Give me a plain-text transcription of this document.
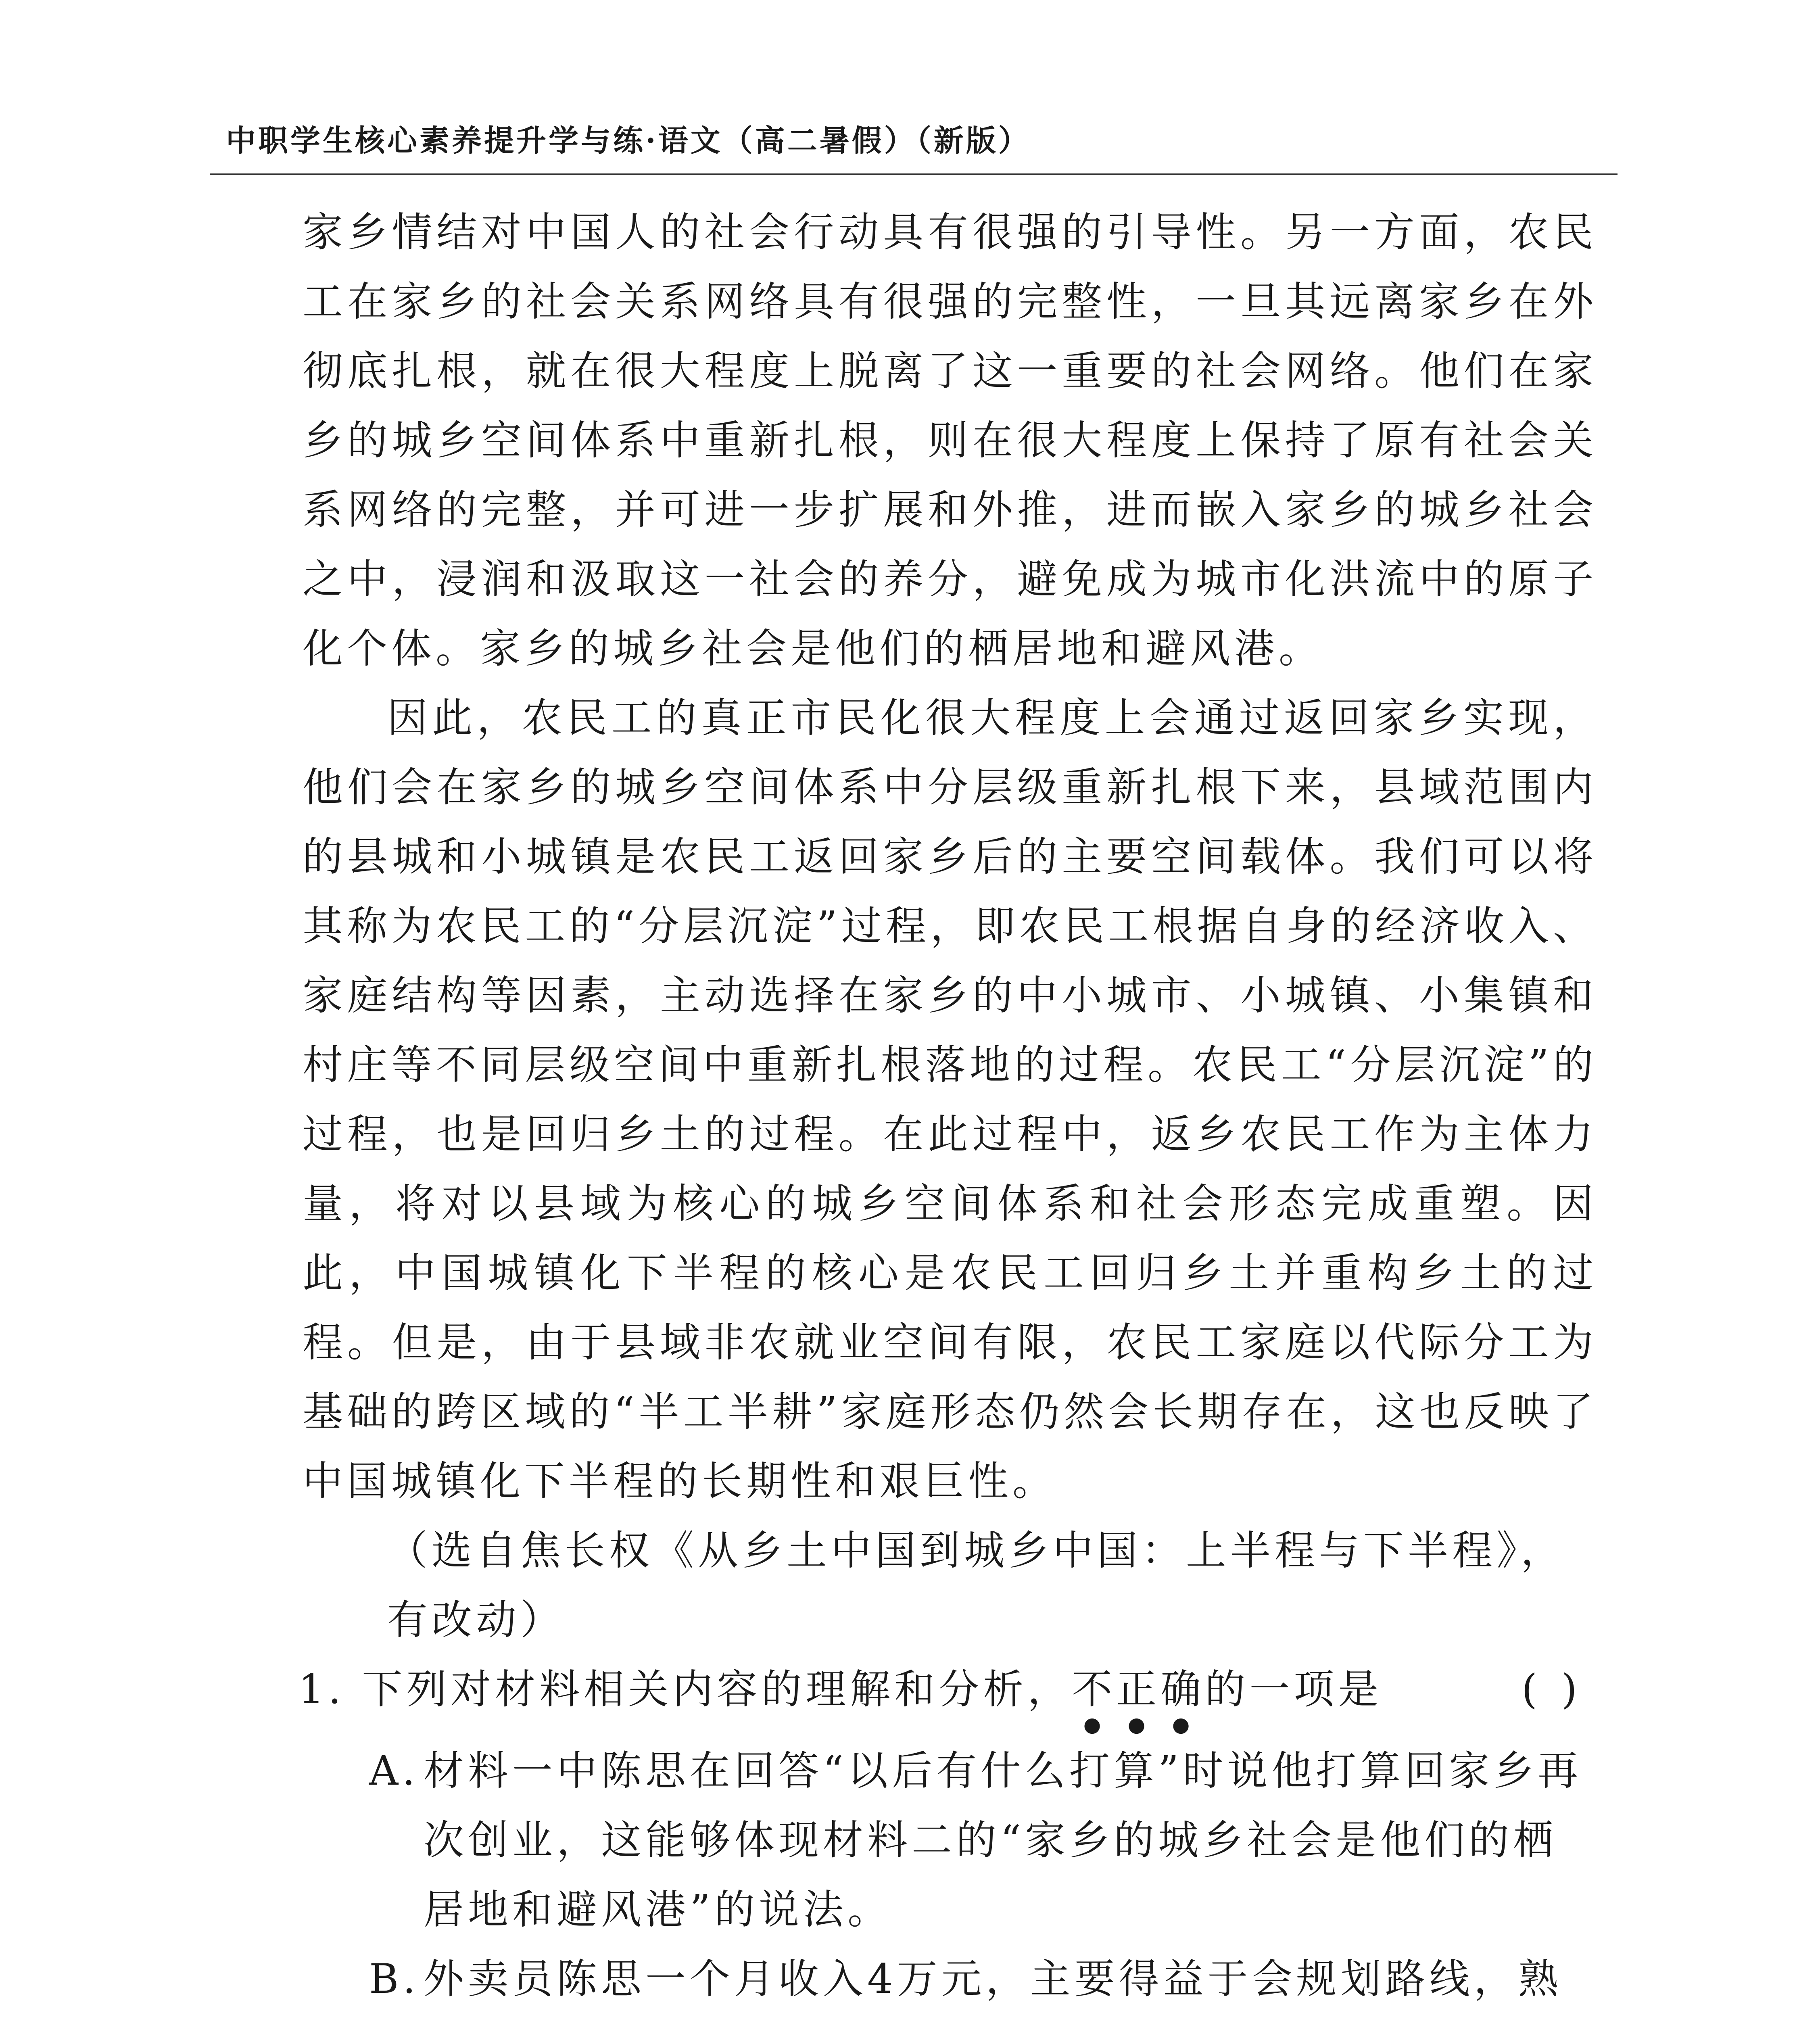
中职学生核心素养提升学与练·语文（高二暑假）（新版）

家乡情结对中国人的社会行动具有很强的引导性。另一方面，农民工在家乡的社会关系网络具有很强的完整性，一旦其远离家乡在外彻底扎根，就在很大程度上脱离了这一重要的社会网络。他们在家乡的城乡空间体系中重新扎根，则在很大程度上保持了原有社会关系网络的完整，并可进一步扩展和外推，进而嵌入家乡的城乡社会之中，浸润和汲取这一社会的养分，避免成为城市化洪流中的原子化个体。家乡的城乡社会是他们的栖居地和避风港。

因此，农民工的真正市民化很大程度上会通过返回家乡实现，他们会在家乡的城乡空间体系中分层级重新扎根下来，县域范围内的县城和小城镇是农民工返回家乡后的主要空间载体。我们可以将其称为农民工的“分层沉淀”过程，即农民工根据自身的经济收入、家庭结构等因素，主动选择在家乡的中小城市、小城镇、小集镇和村庄等不同层级空间中重新扎根落地的过程。农民工“分层沉淀”的过程，也是回归乡土的过程。在此过程中，返乡农民工作为主体力量，将对以县域为核心的城乡空间体系和社会形态完成重塑。因此，中国城镇化下半程的核心是农民工回归乡土并重构乡土的过程。但是，由于县域非农就业空间有限，农民工家庭以代际分工为基础的跨区域的“半工半耕”家庭形态仍然会长期存在，这也反映了中国城镇化下半程的长期性和艰巨性。

（选自焦长权《从乡土中国到城乡中国：上半程与下半程》，有改动）

1. 下列对材料相关内容的理解和分析，不正确的一项是	()

A. 材料一中陈思在回答“以后有什么打算”时说他打算回家乡再次创业，这能够体现材料二的“家乡的城乡社会是他们的栖居地和避风港”的说法。

B.外卖员陈思一个月收入4万元，主要得益于会规划路线，熟
